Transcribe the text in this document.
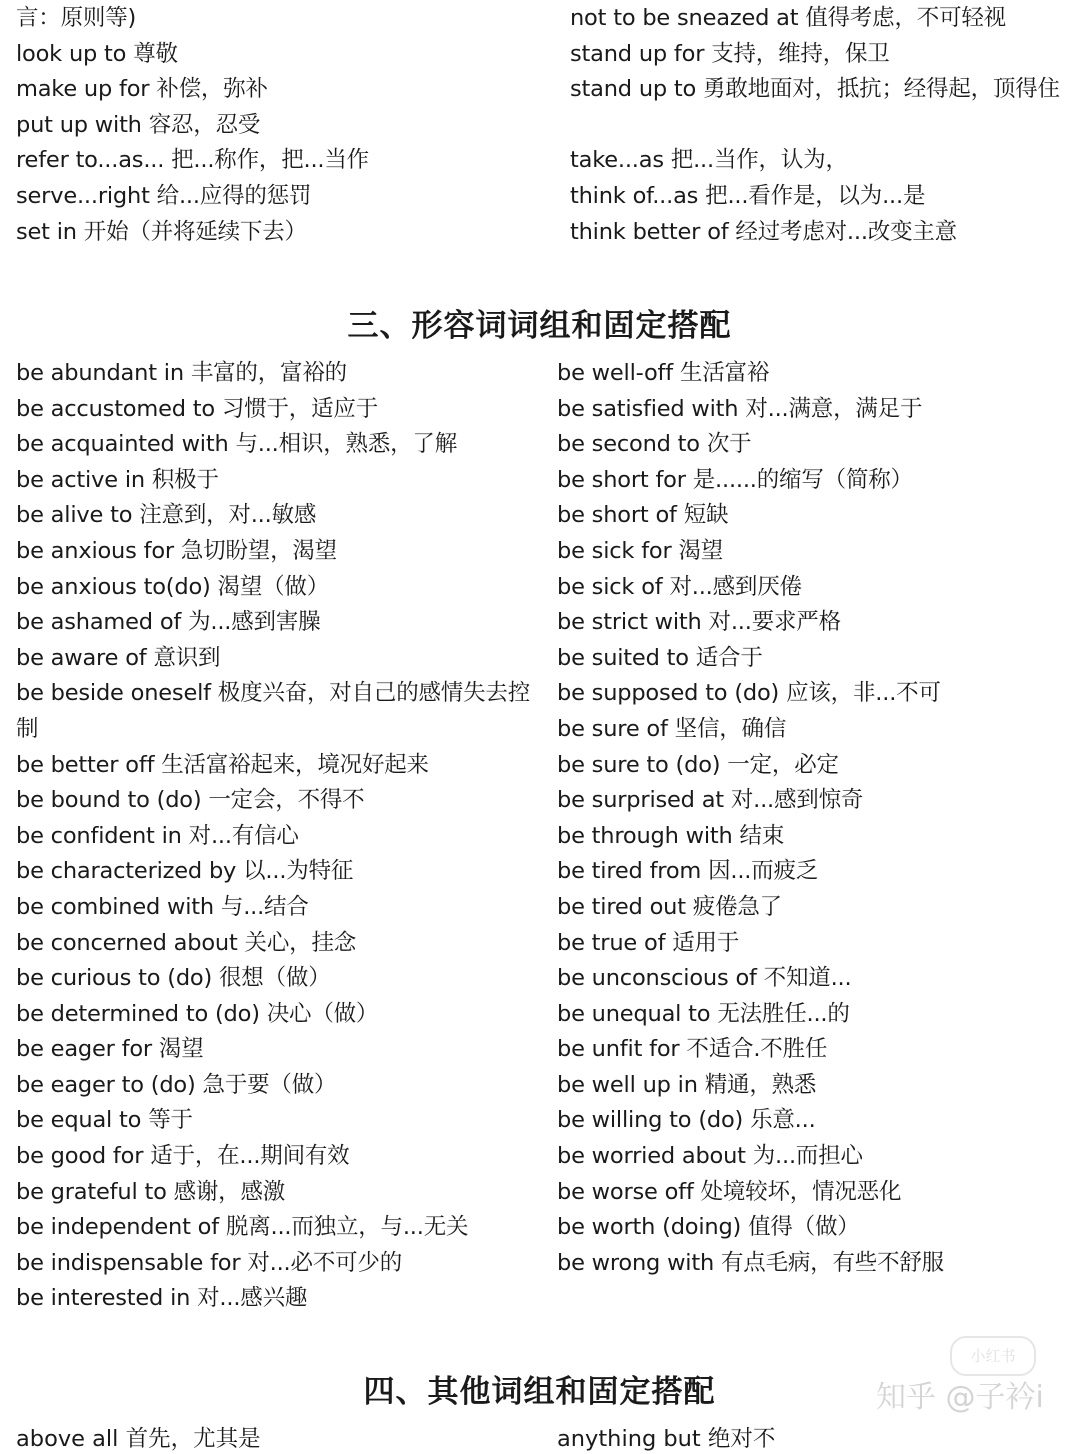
言：原则等)
look up to 尊敬
make up for 补偿，弥补
put up with 容忍，忍受
refer to...as... 把...称作，把...当作
serve...right 给...应得的惩罚
set in 开始（并将延续下去）
not to be sneazed at 值得考虑，不可轻视
stand up for 支持，维持，保卫
stand up to 勇敢地面对，抵抗；经得起，顶得住
take...as 把...当作，认为，
think of...as 把...看作是，以为...是
think better of 经过考虑对...改变主意
三、形容词词组和固定搭配
be abundant in 丰富的，富裕的
be accustomed to 习惯于，适应于
be acquainted with 与...相识，熟悉，了解
be active in 积极于
be alive to 注意到，对...敏感
be anxious for 急切盼望，渴望
be anxious to(do) 渴望（做）
be ashamed of 为...感到害臊
be aware of 意识到
be beside oneself 极度兴奋，对自己的感情失去控制
be better off 生活富裕起来，境况好起来
be bound to (do) 一定会，不得不
be confident in 对...有信心
be characterized by 以...为特征
be combined with 与...结合
be concerned about 关心，挂念
be curious to (do) 很想（做）
be determined to (do) 决心（做）
be eager for 渴望
be eager to (do) 急于要（做）
be equal to 等于
be good for 适于，在...期间有效
be grateful to 感谢，感激
be independent of 脱离...而独立，与...无关
be indispensable for 对...必不可少的
be interested in 对...感兴趣
be well-off 生活富裕
be satisfied with 对...满意，满足于
be second to 次于
be short for 是......的缩写（简称）
be short of 短缺
be sick for 渴望
be sick of 对...感到厌倦
be strict with 对...要求严格
be suited to 适合于
be supposed to (do) 应该，非...不可
be sure of 坚信，确信
be sure to (do) 一定，必定
be surprised at 对...感到惊奇
be through with 结束
be tired from 因...而疲乏
be tired out 疲倦急了
be true of 适用于
be unconscious of 不知道...
be unequal to 无法胜任...的
be unfit for 不适合.不胜任
be well up in 精通，熟悉
be willing to (do) 乐意...
be worried about 为...而担心
be worse off 处境较坏，情况恶化
be worth (doing) 值得（做）
be wrong with 有点毛病，有些不舒服
四、其他词组和固定搭配
above all 首先，尤其是	anything but 绝对不
小红书
知乎 @子衿i
